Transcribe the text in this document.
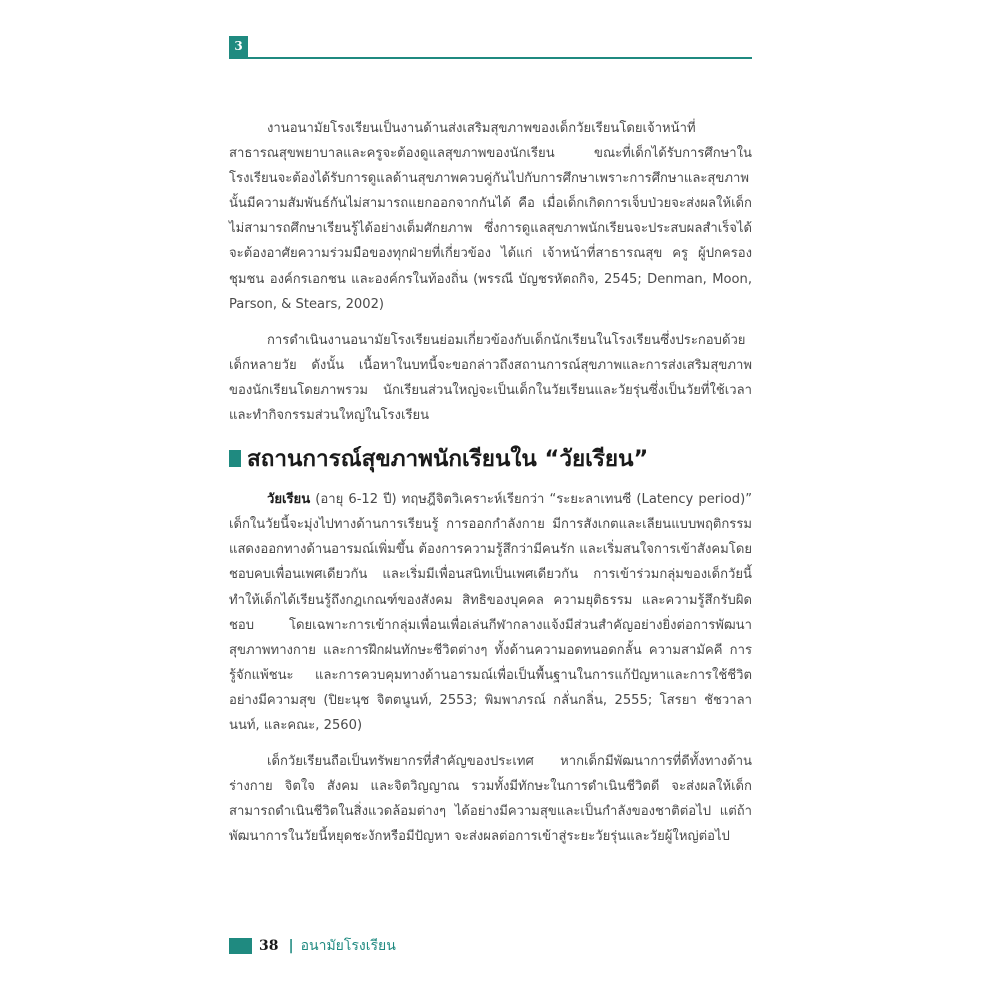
3

งานอนามัยโรงเรียนเป็นงานด้านส่งเสริมสุขภาพของเด็กวัยเรียนโดยเจ้าหน้าที่สาธารณสุขพยาบาลและครูจะต้องดูแลสุขภาพของนักเรียน ขณะที่เด็กได้รับการศึกษาในโรงเรียนจะต้องได้รับการดูแลด้านสุขภาพควบคู่กันไปกับการศึกษาเพราะการศึกษาและสุขภาพนั้นมีความสัมพันธ์กันไม่สามารถแยกออกจากกันได้ คือ เมื่อเด็กเกิดการเจ็บป่วยจะส่งผลให้เด็กไม่สามารถศึกษาเรียนรู้ได้อย่างเต็มศักยภาพ ซึ่งการดูแลสุขภาพนักเรียนจะประสบผลสำเร็จได้จะต้องอาศัยความร่วมมือของทุกฝ่ายที่เกี่ยวข้อง ได้แก่ เจ้าหน้าที่สาธารณสุข ครู ผู้ปกครอง ชุมชน องค์กรเอกชน และองค์กรในท้องถิ่น (พรรณี บัญชรหัตถกิจ, 2545; Denman, Moon, Parson, & Stears, 2002)

การดำเนินงานอนามัยโรงเรียนย่อมเกี่ยวข้องกับเด็กนักเรียนในโรงเรียนซึ่งประกอบด้วยเด็กหลายวัย ดังนั้น เนื้อหาในบทนี้จะขอกล่าวถึงสถานการณ์สุขภาพและการส่งเสริมสุขภาพของนักเรียนโดยภาพรวม นักเรียนส่วนใหญ่จะเป็นเด็กในวัยเรียนและวัยรุ่นซึ่งเป็นวัยที่ใช้เวลาและทำกิจกรรมส่วนใหญ่ในโรงเรียน

สถานการณ์สุขภาพนักเรียนใน “วัยเรียน”

วัยเรียน (อายุ 6-12 ปี) ทฤษฎีจิตวิเคราะห์เรียกว่า “ระยะลาเทนซี (Latency period)” เด็กในวัยนี้จะมุ่งไปทางด้านการเรียนรู้ การออกกำลังกาย มีการสังเกตและเลียนแบบพฤติกรรม แสดงออกทางด้านอารมณ์เพิ่มขึ้น ต้องการความรู้สึกว่ามีคนรัก และเริ่มสนใจการเข้าสังคมโดยชอบคบเพื่อนเพศเดียวกัน และเริ่มมีเพื่อนสนิทเป็นเพศเดียวกัน การเข้าร่วมกลุ่มของเด็กวัยนี้ทำให้เด็กได้เรียนรู้ถึงกฎเกณฑ์ของสังคม สิทธิของบุคคล ความยุติธรรม และความรู้สึกรับผิดชอบ โดยเฉพาะการเข้ากลุ่มเพื่อนเพื่อเล่นกีฬากลางแจ้งมีส่วนสำคัญอย่างยิ่งต่อการพัฒนาสุขภาพทางกาย และการฝึกฝนทักษะชีวิตต่างๆ ทั้งด้านความอดทนอดกลั้น ความสามัคคี การรู้จักแพ้ชนะ และการควบคุมทางด้านอารมณ์เพื่อเป็นพื้นฐานในการแก้ปัญหาและการใช้ชีวิตอย่างมีความสุข (ปิยะนุช จิตตนูนท์, 2553; พิมพาภรณ์ กลั่นกลิ่น, 2555; โสรยา ชัชวาลานนท์, และคณะ, 2560)

เด็กวัยเรียนถือเป็นทรัพยากรที่สำคัญของประเทศ หากเด็กมีพัฒนาการที่ดีทั้งทางด้านร่างกาย จิตใจ สังคม และจิตวิญญาณ รวมทั้งมีทักษะในการดำเนินชีวิตดี จะส่งผลให้เด็กสามารถดำเนินชีวิตในสิ่งแวดล้อมต่างๆ ได้อย่างมีความสุขและเป็นกำลังของชาติต่อไป แต่ถ้าพัฒนาการในวัยนี้หยุดชะงักหรือมีปัญหา จะส่งผลต่อการเข้าสู่ระยะวัยรุ่นและวัยผู้ใหญ่ต่อไป

38 | อนามัยโรงเรียน
